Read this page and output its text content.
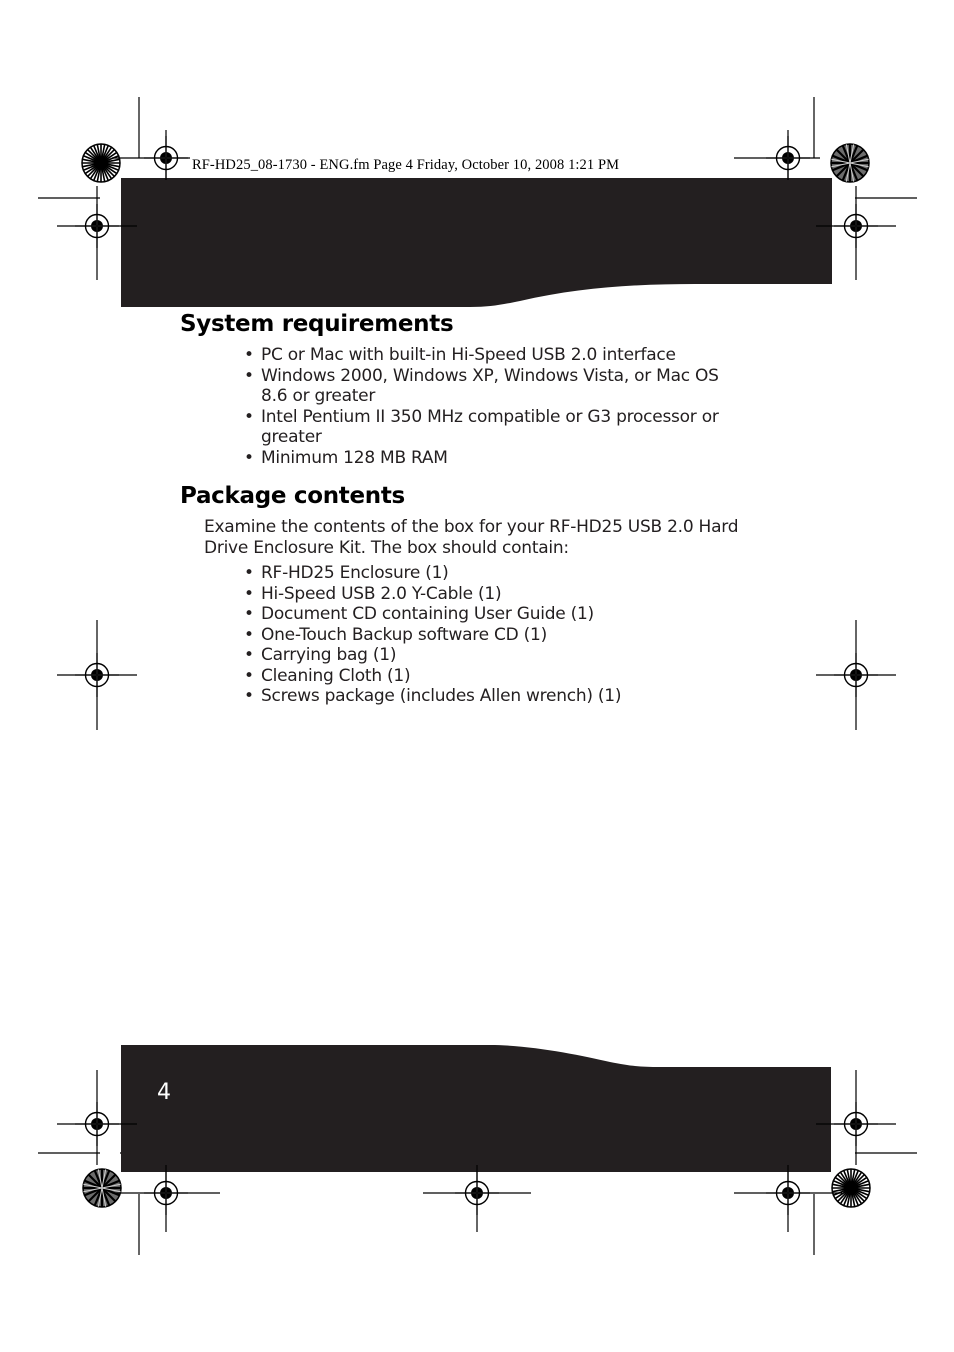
RF-HD25_08-1730 - ENG.fm Page 4 Friday, October 10, 2008 1:21 PM
System requirements
• PC or Mac with built-in Hi-Speed USB 2.0 interface
• Windows 2000, Windows XP, Windows Vista, or Mac OS 8.6 or greater
• Intel Pentium II 350 MHz compatible or G3 processor or greater
• Minimum 128 MB RAM
Package contents

Examine the contents of the box for your RF-HD25 USB 2.0 Hard Drive Enclosure Kit. The box should contain:

• RF-HD25 Enclosure (1)
• Hi-Speed USB 2.0 Y-Cable (1)
• Document CD containing User Guide (1)
• One-Touch Backup software CD (1)
• Carrying bag (1)
• Cleaning Cloth (1)
• Screws package (includes Allen wrench) (1)
4
